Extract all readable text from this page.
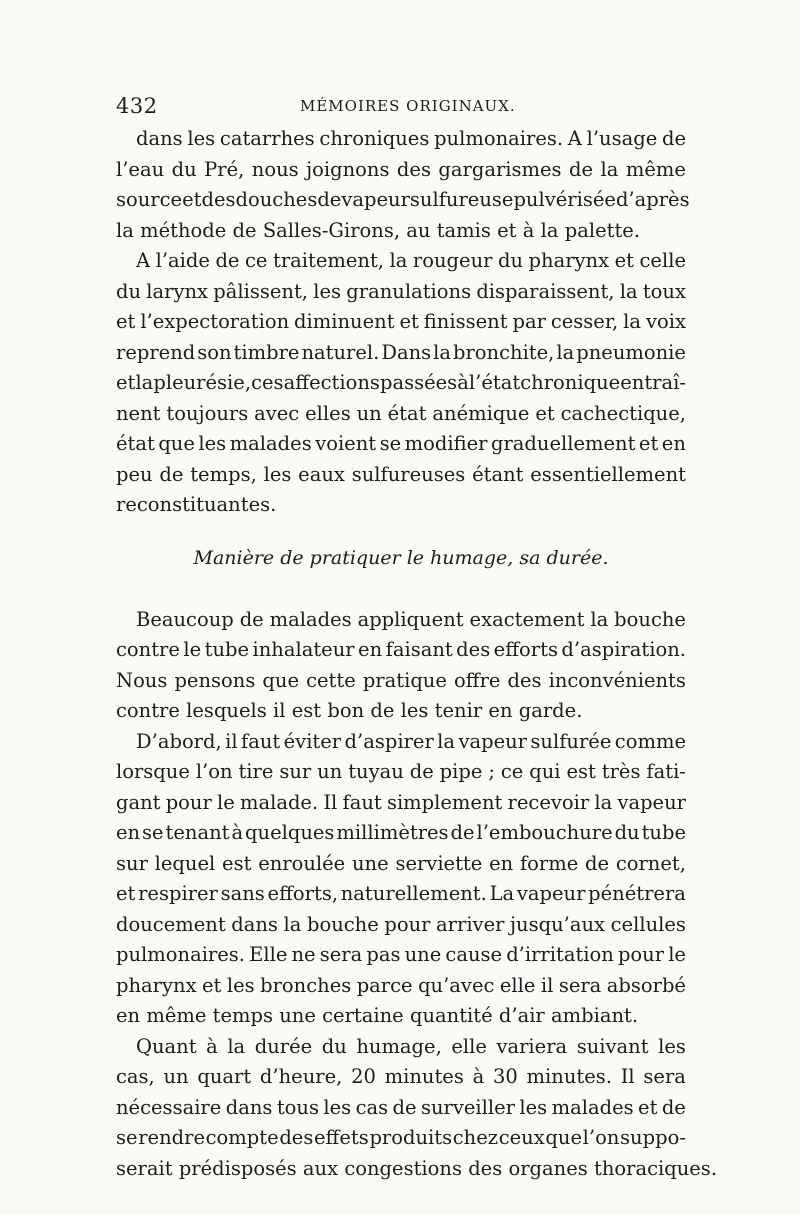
432	MÉMOIRES ORIGINAUX.
dans les catarrhes chroniques pulmonaires. A l’usage de
l’eau du Pré, nous joignons des gargarismes de la même
source et des douches de vapeur sulfureuse pulvérisée d’après
la méthode de Salles-Girons, au tamis et à la palette.
A l’aide de ce traitement, la rougeur du pharynx et celle
du larynx pâlissent, les granulations disparaissent, la toux
et l’expectoration diminuent et finissent par cesser, la voix
reprend son timbre naturel. Dans la bronchite, la pneumonie
et la pleurésie, ces affections passées à l’état chronique entraî-
nent toujours avec elles un état anémique et cachectique,
état que les malades voient se modifier graduellement et en
peu de temps, les eaux sulfureuses étant essentiellement
reconstituantes.
Manière de pratiquer le humage, sa durée.
Beaucoup de malades appliquent exactement la bouche
contre le tube inhalateur en faisant des efforts d’aspiration.
Nous pensons que cette pratique offre des inconvénients
contre lesquels il est bon de les tenir en garde.
D’abord, il faut éviter d’aspirer la vapeur sulfurée comme
lorsque l’on tire sur un tuyau de pipe ; ce qui est très fati-
gant pour le malade. Il faut simplement recevoir la vapeur
en se tenant à quelques millimètres de l’embouchure du tube
sur lequel est enroulée une serviette en forme de cornet,
et respirer sans efforts, naturellement. La vapeur pénétrera
doucement dans la bouche pour arriver jusqu’aux cellules
pulmonaires. Elle ne sera pas une cause d’irritation pour le
pharynx et les bronches parce qu’avec elle il sera absorbé
en même temps une certaine quantité d’air ambiant.
Quant à la durée du humage, elle variera suivant les
cas, un quart d’heure, 20 minutes à 30 minutes. Il sera
nécessaire dans tous les cas de surveiller les malades et de
se rendre compte des effets produits chez ceux que l’on suppo-
serait prédisposés aux congestions des organes thoraciques.
